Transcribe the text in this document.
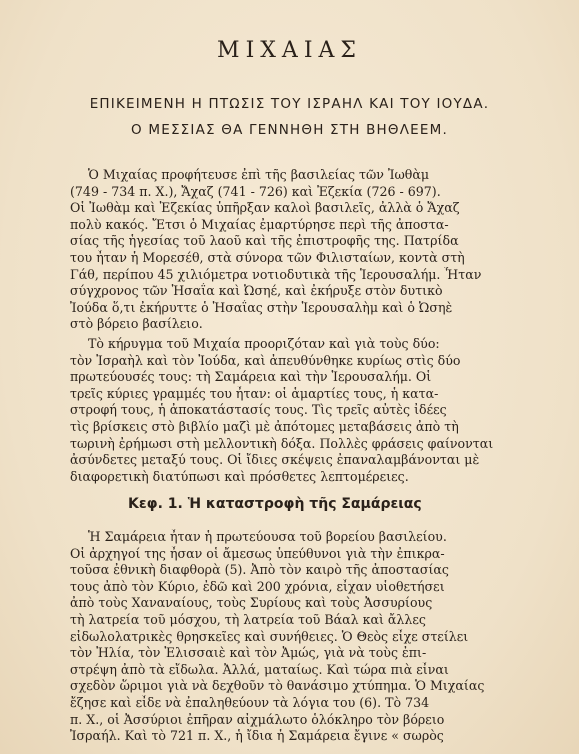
ΜΙΧΑΙΑΣ
ΕΠΙΚΕΙΜΕΝΗ Η ΠΤΩΣΙΣ ΤΟΥ ΙΣΡΑΗΛ ΚΑΙ ΤΟΥ ΙΟΥΔΑ.
Ο ΜΕΣΣΙΑΣ ΘΑ ΓΕΝΝΗΘΗ ΣΤΗ ΒΗΘΛΕΕΜ.
Ὁ Μιχαίας προφήτευσε ἐπὶ τῆς βασιλείας τῶν Ἰωθὰμ
(749 - 734 π. Χ.), Ἄχαζ (741 - 726) καὶ Ἐζεκία (726 - 697).
Οἱ Ἰωθὰμ καὶ Ἐζεκίας ὑπῆρξαν καλοὶ βασιλεῖς, ἀλλὰ ὁ Ἄχαζ
πολὺ κακός. Ἔτσι ὁ Μιχαίας ἐμαρτύρησε περὶ τῆς ἀποστα-
σίας τῆς ἡγεσίας τοῦ λαοῦ καὶ τῆς ἐπιστροφῆς της. Πατρίδα
του ἦταν ἡ Μορεσέθ, στὰ σύνορα τῶν Φιλισταίων, κοντὰ στὴ
Γάθ, περίπου 45 χιλιόμετρα νοτιοδυτικὰ τῆς Ἱερουσαλήμ. Ἦταν
σύγχρονος τῶν Ἠσαΐα καὶ Ὠσηέ, καὶ ἐκήρυξε στὸν δυτικὸ
Ἰούδα ὅ,τι ἐκήρυττε ὁ Ἠσαΐας στὴν Ἱερουσαλὴμ καὶ ὁ Ὠσηὲ
στὸ βόρειο βασίλειο.
Τὸ κήρυγμα τοῦ Μιχαία προοριζόταν καὶ γιὰ τοὺς δύο:
τὸν Ἰσραὴλ καὶ τὸν Ἰούδα, καὶ ἀπευθύνθηκε κυρίως στὶς δύο
πρωτεύουσές τους: τὴ Σαμάρεια καὶ τὴν Ἱερουσαλήμ. Οἱ
τρεῖς κύριες γραμμές του ἦταν: οἱ ἁμαρτίες τους, ἡ κατα-
στροφή τους, ἡ ἀποκατάστασίς τους. Τὶς τρεῖς αὐτὲς ἰδέες
τὶς βρίσκεις στὸ βιβλίο μαζὶ μὲ ἀπότομες μεταβάσεις ἀπὸ τὴ
τωρινὴ ἐρήμωσι στὴ μελλοντικὴ δόξα. Πολλὲς φράσεις φαίνονται
ἀσύνδετες μεταξύ τους. Οἱ ἴδιες σκέψεις ἐπαναλαμβάνονται μὲ
διαφορετικὴ διατύπωσι καὶ πρόσθετες λεπτομέρειες.
Κεφ. 1. Ἡ καταστροφὴ τῆς Σαμάρειας
Ἡ Σαμάρεια ἦταν ἡ πρωτεύουσα τοῦ βορείου βασιλείου.
Οἱ ἀρχηγοί της ἦσαν οἱ ἄμεσως ὑπεύθυνοι γιὰ τὴν ἐπικρα-
τοῦσα ἐθνικὴ διαφθορὰ (5). Ἀπὸ τὸν καιρὸ τῆς ἀποστασίας
τους ἀπὸ τὸν Κύριο, ἐδῶ καὶ 200 χρόνια, εἶχαν υἱοθετήσει
ἀπὸ τοὺς Χαναναίους, τοὺς Συρίους καὶ τοὺς Ἀσσυρίους
τὴ λατρεία τοῦ μόσχου, τὴ λατρεία τοῦ Βάαλ καὶ ἄλλες
εἰδωλολατρικὲς θρησκεῖες καὶ συνήθειες. Ὁ Θεὸς εἶχε στείλει
τὸν Ἠλία, τὸν Ἐλισσαιὲ καὶ τὸν Ἀμώς, γιὰ νὰ τοὺς ἐπι-
στρέψη ἀπὸ τὰ εἴδωλα. Ἀλλά, ματαίως. Καὶ τώρα πιὰ εἶναι
σχεδὸν ὥριμοι γιὰ νὰ δεχθοῦν τὸ θανάσιμο χτύπημα. Ὁ Μιχαίας
ἔζησε καὶ εἶδε νὰ ἐπαληθεύουν τὰ λόγια του (6). Τὸ 734
π. Χ., οἱ Ἀσσύριοι ἐπῆραν αἰχμάλωτο ὁλόκληρο τὸν βόρειο
Ἰσραήλ. Καὶ τὸ 721 π. Χ., ἡ ἴδια ἡ Σαμάρεια ἔγινε « σωρὸς
